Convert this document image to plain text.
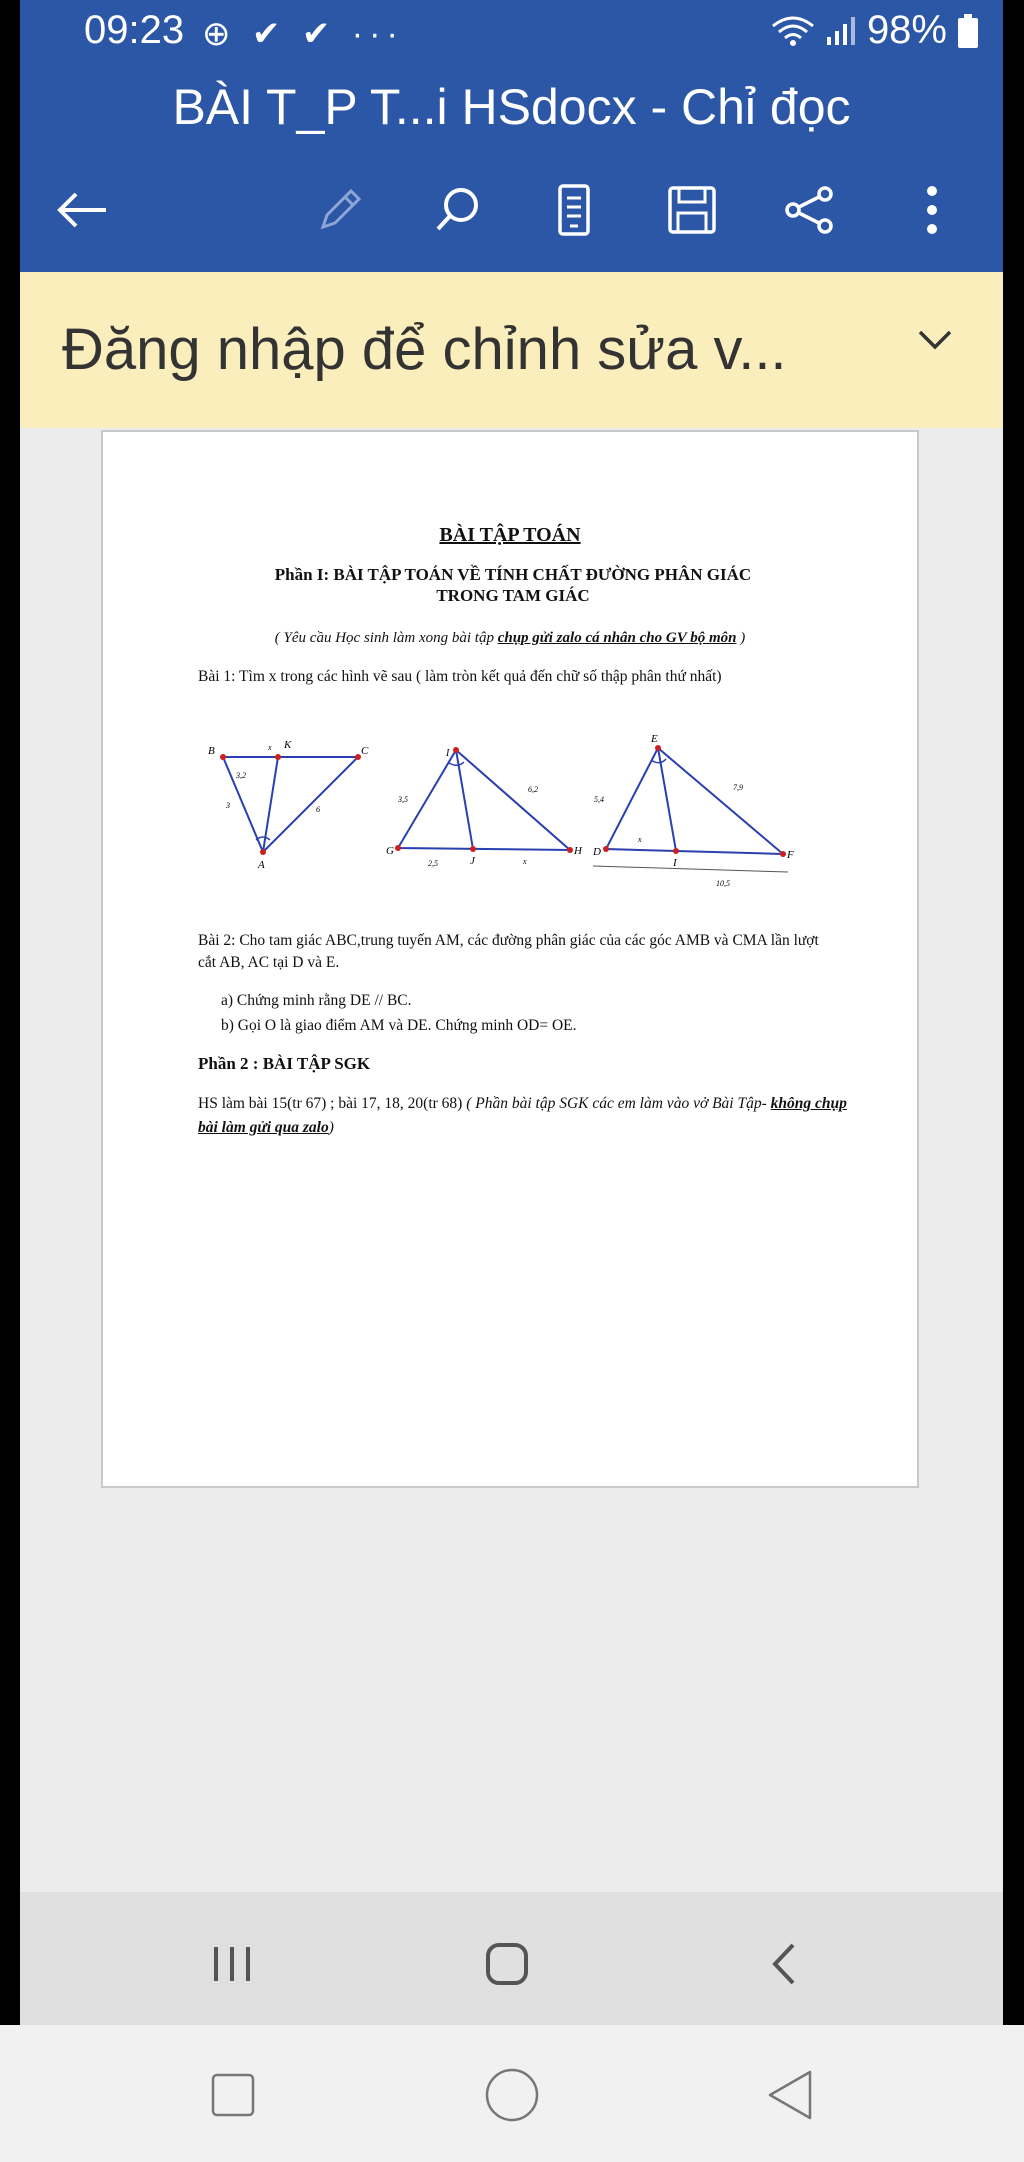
09:23 ⊕ ✔ ✔ ···	98%
BÀI T_P T...i HSdocx - Chỉ đọc
Đăng nhập để chỉnh sửa v...
BÀI TẬP TOÁN
Phần I: BÀI TẬP TOÁN VỀ TÍNH CHẤT ĐƯỜNG PHÂN GIÁC TRONG TAM GIÁC
( Yêu cầu Học sinh làm xong bài tập chụp gửi zalo cá nhân cho GV bộ môn )
Bài 1: Tìm x trong các hình vẽ sau ( làm tròn kết quả đến chữ số thập phân thứ nhất)
B	K	C
A
x
3,2
3	6
I
G
J
H
3,5
6,2
2,5	x
E
D
I
F
5,4
7,9
x
10,5
Bài 2: Cho tam giác ABC,trung tuyến AM, các đường phân giác của các góc AMB và CMA lần lượt cắt AB, AC tại D và E.
a) Chứng minh rằng DE // BC.
b) Gọi O là giao điểm AM và DE. Chứng minh OD= OE.
Phần 2 : BÀI TẬP SGK
HS làm bài 15(tr 67) ; bài 17, 18, 20(tr 68) ( Phần bài tập SGK các em làm vào vở Bài Tập- không chụp bài làm gửi qua zalo)
